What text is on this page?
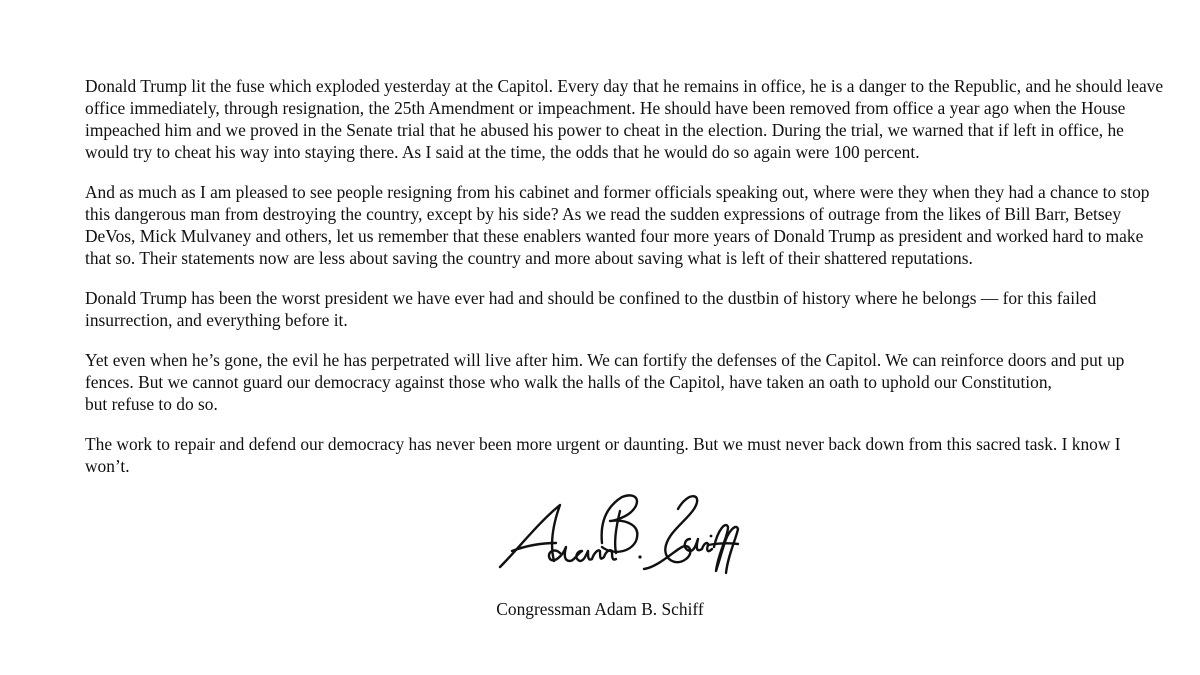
Donald Trump lit the fuse which exploded yesterday at the Capitol. Every day that he remains in office, he is a danger to the Republic, and he should leave
office immediately, through resignation, the 25th Amendment or impeachment. He should have been removed from office a year ago when the House
impeached him and we proved in the Senate trial that he abused his power to cheat in the election. During the trial, we warned that if left in office, he
would try to cheat his way into staying there. As I said at the time, the odds that he would do so again were 100 percent.

And as much as I am pleased to see people resigning from his cabinet and former officials speaking out, where were they when they had a chance to stop
this dangerous man from destroying the country, except by his side? As we read the sudden expressions of outrage from the likes of Bill Barr, Betsey
DeVos, Mick Mulvaney and others, let us remember that these enablers wanted four more years of Donald Trump as president and worked hard to make
that so. Their statements now are less about saving the country and more about saving what is left of their shattered reputations.

Donald Trump has been the worst president we have ever had and should be confined to the dustbin of history where he belongs — for this failed
insurrection, and everything before it.

Yet even when he’s gone, the evil he has perpetrated will live after him. We can fortify the defenses of the Capitol. We can reinforce doors and put up
fences. But we cannot guard our democracy against those who walk the halls of the Capitol, have taken an oath to uphold our Constitution,
but refuse to do so.

The work to repair and defend our democracy has never been more urgent or daunting. But we must never back down from this sacred task. I know I
won’t.

Congressman Adam B. Schiff
